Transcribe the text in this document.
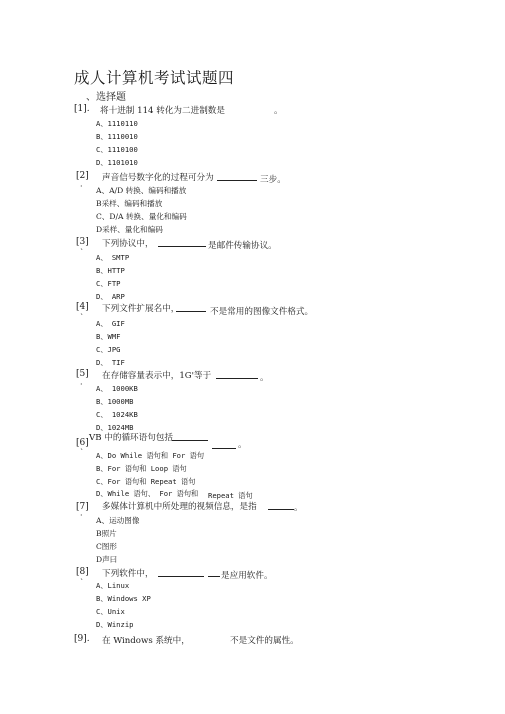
成人计算机考试试题四
、选择题
[1]. 将十进制 114 转化为二进制数是	。
A、1110110
B、1110010
C、1110100
D、1101010
[2] 声音信号数字化的过程可分为	三步。
· A、A/D 转换、编码和播放
B采样、编码和播放
C、D/A 转换、量化和编码
D采样、量化和编码
[3] 下列协议中，	是邮件传输协议。
`
A、 SMTP
B、HTTP
C、FTP
D、 ARP
[4] 下列文件扩展名中，	不是常用的图像文件格式。
`
A、 GIF
B、WMF
C、JPG
D、 TIF
[5] 在存储容量表示中，1G'等于	。
· A、 1000KB
B、1000MB
C、 1024KB
D、1024MB
VB 中的循环语句包括
[6]	。
` A、Do While 语句和 For 语句
B、For 语句和 Loop 语句
C、For 语句和 Repeat 语句
D、While 语句、 For 语句和 Repeat 语句
[7] 多媒体计算机中所处理的视频信息，是指	。
·
A、运动图像
B照片
C图形
D声曰
[8] 下列软件中，	是应用软件。
` A、Linux
B、Windows XP
C、Unix
D、Winzip
[9]. 在 Windows 系统中，	不是文件的属性。
